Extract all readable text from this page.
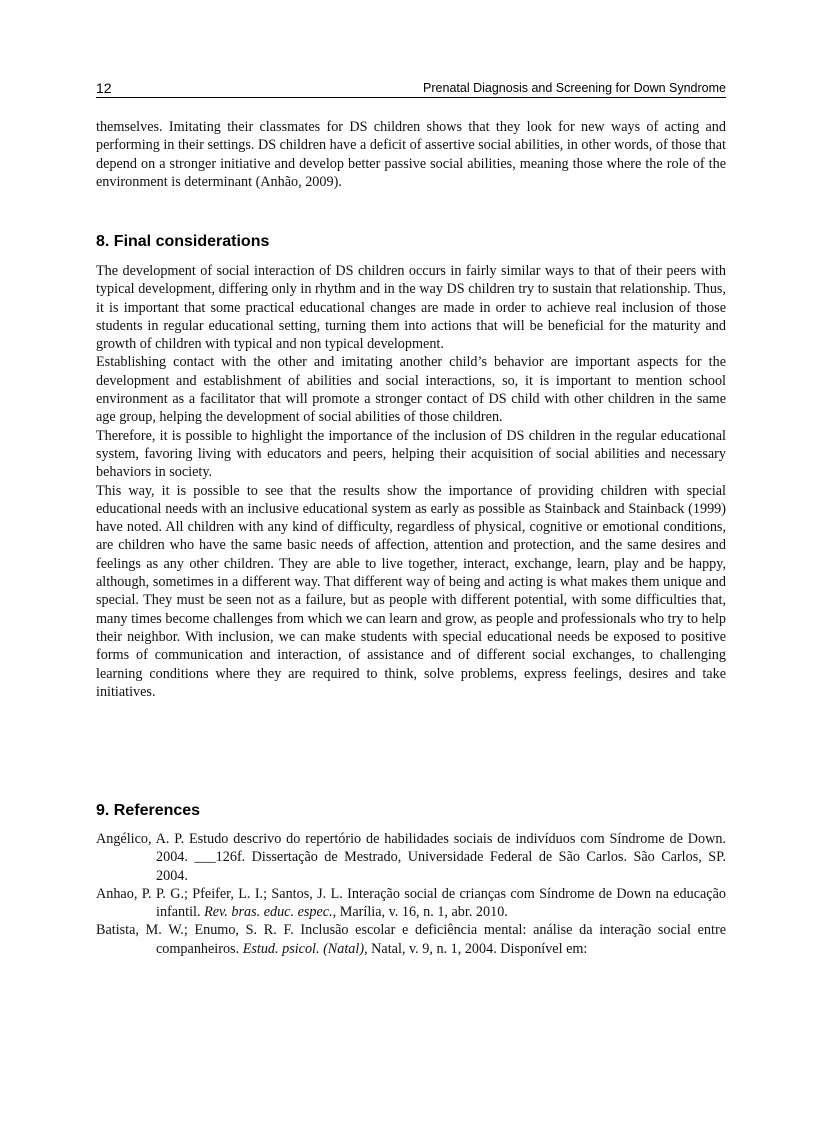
12	Prenatal Diagnosis and Screening for Down Syndrome

themselves. Imitating their classmates for DS children shows that they look for new ways of acting and performing in their settings. DS children have a deficit of assertive social abilities, in other words, of those that depend on a stronger initiative and develop better passive social abilities, meaning those where the role of the environment is determinant (Anhão, 2009).

8. Final considerations

The development of social interaction of DS children occurs in fairly similar ways to that of their peers with typical development, differing only in rhythm and in the way DS children try to sustain that relationship. Thus, it is important that some practical educational changes are made in order to achieve real inclusion of those students in regular educational setting, turning them into actions that will be beneficial for the maturity and growth of children with typical and non typical development.

Establishing contact with the other and imitating another child’s behavior are important aspects for the development and establishment of abilities and social interactions, so, it is important to mention school environment as a facilitator that will promote a stronger contact of DS child with other children in the same age group, helping the development of social abilities of those children.

Therefore, it is possible to highlight the importance of the inclusion of DS children in the regular educational system, favoring living with educators and peers, helping their acquisition of social abilities and necessary behaviors in society.

This way, it is possible to see that the results show the importance of providing children with special educational needs with an inclusive educational system as early as possible as Stainback and Stainback (1999) have noted. All children with any kind of difficulty, regardless of physical, cognitive or emotional conditions, are children who have the same basic needs of affection, attention and protection, and the same desires and feelings as any other children. They are able to live together, interact, exchange, learn, play and be happy, although, sometimes in a different way. That different way of being and acting is what makes them unique and special. They must be seen not as a failure, but as people with different potential, with some difficulties that, many times become challenges from which we can learn and grow, as people and professionals who try to help their neighbor. With inclusion, we can make students with special educational needs be exposed to positive forms of communication and interaction, of assistance and of different social exchanges, to challenging learning conditions where they are required to think, solve problems, express feelings, desires and take initiatives.

9. References

Angélico, A. P. Estudo descrivo do repertório de habilidades sociais de indivíduos com Síndrome de Down. 2004. ___126f. Dissertação de Mestrado, Universidade Federal de São Carlos. São Carlos, SP. 2004.

Anhao, P. P. G.; Pfeifer, L. I.; Santos, J. L. Interação social de crianças com Síndrome de Down na educação infantil. Rev. bras. educ. espec., Marília, v. 16, n. 1, abr. 2010.

Batista, M. W.; Enumo, S. R. F. Inclusão escolar e deficiência mental: análise da interação social entre companheiros. Estud. psicol. (Natal), Natal, v. 9, n. 1, 2004. Disponível em:
